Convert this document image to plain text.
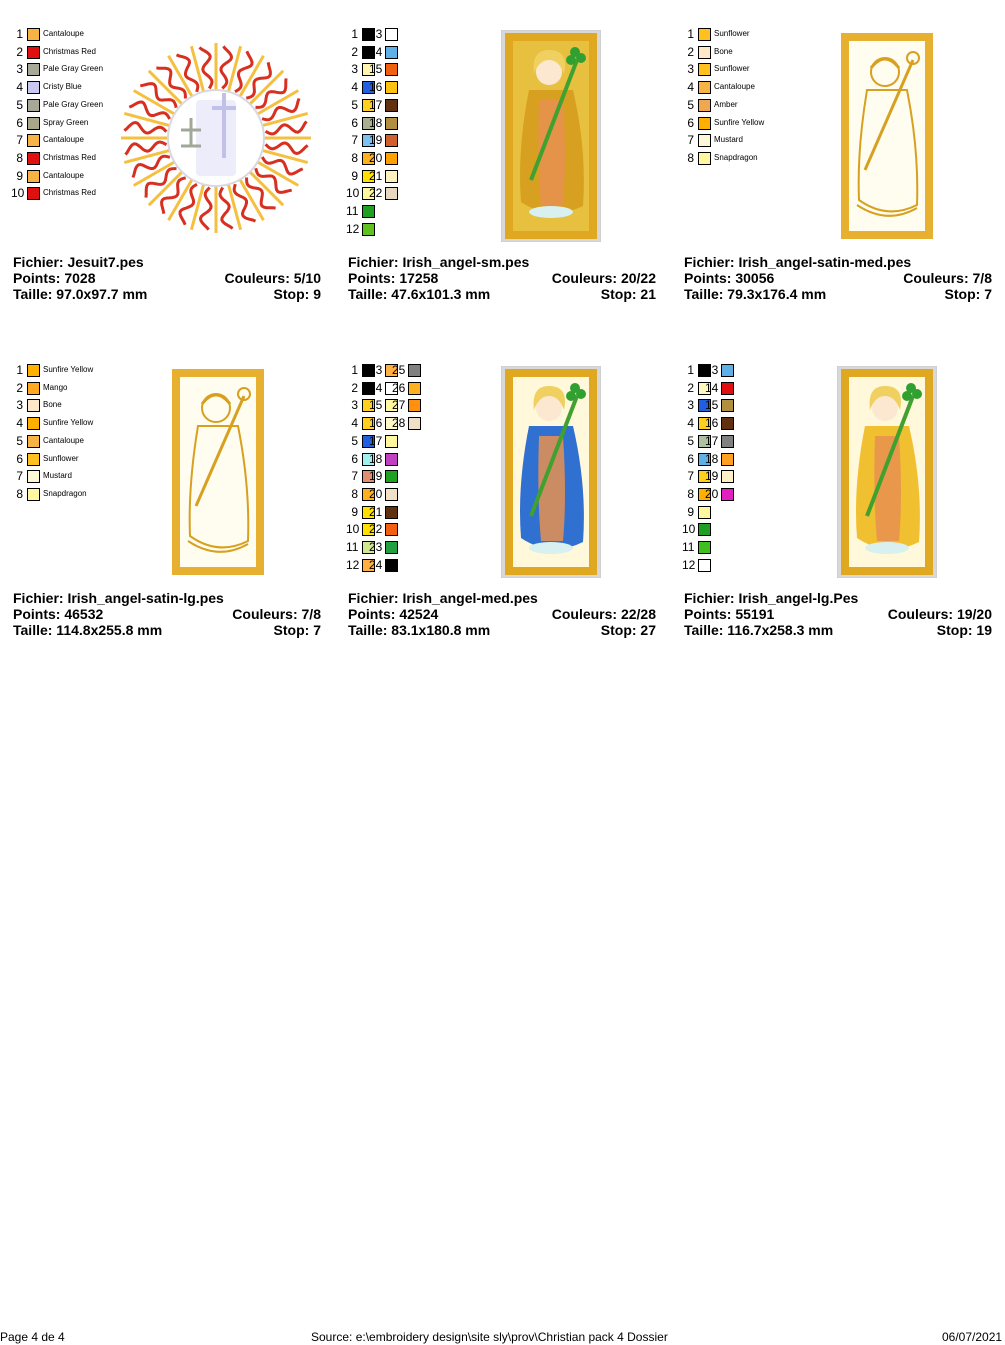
1	Cantaloupe
2	Christmas Red
3	Pale Gray Green
4	Cristy Blue
5	Pale Gray Green
6	Spray Green
7	Cantaloupe
8	Christmas Red
9	Cantaloupe
10 Christmas Red
Fichier: Jesuit7.pes
Points: 7028	Couleurs: 5/10
Taille: 97.0x97.7 mm	Stop: 9
1
2
3
4
5
6
7
8
9
10
11
12
13
14
15
16
17
18
19
20
21
22
Fichier: Irish_angel-sm.pes
Points: 17258	Couleurs: 20/22
Taille: 47.6x101.3 mm	Stop: 21
1	Sunflower
2	Bone
3	Sunflower
4	Cantaloupe
5	Amber
6	Sunfire Yellow
7	Mustard
8	Snapdragon
Fichier: Irish_angel-satin-med.pes
Points: 30056	Couleurs: 7/8
Taille: 79.3x176.4 mm	Stop: 7
1	Sunfire Yellow
2	Mango
3	Bone
4	Sunfire Yellow
5	Cantaloupe
6	Sunflower
7	Mustard
8	Snapdragon
Fichier: Irish_angel-satin-lg.pes
Points: 46532	Couleurs: 7/8
Taille: 114.8x255.8 mm	Stop: 7
1
2
3
4
5
6
7
8
9
10
11
12
13
14
15
16
17
18
19
20
21
22
23
24
25
26
27
28
Fichier: Irish_angel-med.pes
Points: 42524	Couleurs: 22/28
Taille: 83.1x180.8 mm	Stop: 27
1
2
3
4
5
6
7
8
9
10
11
12
13
14
15
16
17
18
19
20
Fichier: Irish_angel-lg.Pes
Points: 55191	Couleurs: 19/20
Taille: 116.7x258.3 mm	Stop: 19
Page 4 de 4	Source: e:\embroidery design\site sly\prov\Christian pack 4 Dossier	06/07/2021
